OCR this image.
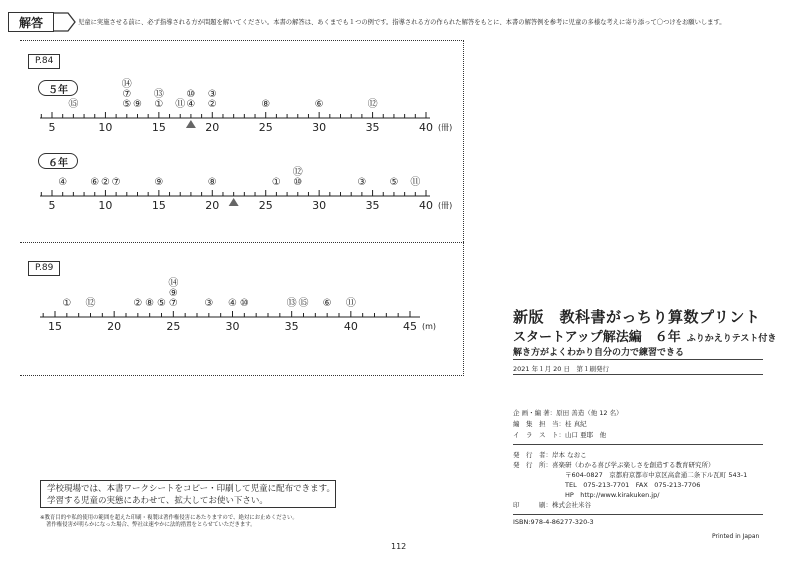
解答	児童に実施させる前に、必ず指導される方が問題を解いてください。本書の解答は、あくまでも１つの例です。指導される方の作られた解答をもとに、本書の解答例を参考に児童の多様な考えに寄り添って〇つけをお願いします。
P.84
５年
６年
5	10	15	20	25	30	35	40 (冊)
⑮	⑤
⑦
⑭
⑨ ①
⑬
⑪ ④
⑩
②
③
⑧	⑥	⑫
5	10	15	20	25	30	35	40 (冊)
④ ⑥ ② ⑦	⑨	⑧	① ⑩
⑫
③ ⑤ ⑪
P.89
15	20	25	30	35	40	45 (m)
① ⑫	② ⑧ ⑤ ⑦
⑨
⑭
③ ④ ⑩	⑬ ⑮ ⑥ ⑪
新版　教科書がっちり算数プリント
スタートアップ解法編　６年 ふりかえりテスト付き
解き方がよくわかり自分の力で練習できる
2021 年１月 20 日　第１刷発行
企 画・編 著：原田 善造（他 12 名）
編　集　担　当：桂 真紀
イ　ラ　ス　ト：山口 亜耶　他
発　行　者：岸本 なおこ
発　行　所：喜楽研（わかる喜び学ぶ楽しさを創造する教育研究所）
〒604-0827　京都府京都市中京区高倉通二条下ル瓦町 543-1
TEL　075-213-7701　FAX　075-213-7706
HP　http://www.kirakuken.jp/
印　　　刷：株式会社米谷
ISBN:978-4-86277-320-3
Printed in Japan
学校現場では、本書ワークシートをコピー・印刷して児童に配布できます。
学習する児童の実態にあわせて、拡大してお使い下さい。
※教育目的や私的使用の範囲を超えた印刷・複製は著作権侵害にあたりますので、絶対にお止めください。
著作権侵害が明らかになった場合、弊社は速やかに法的措置をとらせていただきます。
112
